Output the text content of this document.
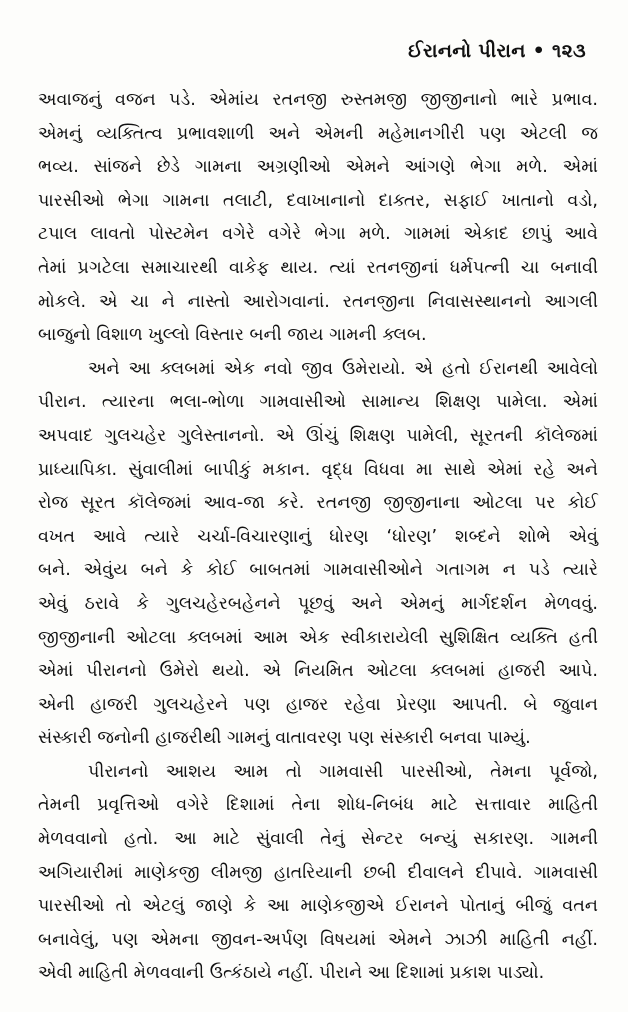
ઈરાનનો પીરાન • ૧૨૩
અવાજનું વજન પડે. એમાંય રતનજી રુસ્તમજી જીજીનાનો ભારે પ્રભાવ.
એમનું વ્યક્તિત્વ પ્રભાવશાળી અને એમની મહેમાનગીરી પણ એટલી જ
ભવ્ય. સાંજને છેડે ગામના અગ્રણીઓ એમને આંગણે ભેગા મળે. એમાં
પારસીઓ ભેગા ગામના તલાટી, દવાખાનાનો દાક્તર, સફાઈ ખાતાનો વડો,
ટપાલ લાવતો પોસ્ટમેન વગેરે વગેરે ભેગા મળે. ગામમાં એકાદ છાપું આવે
તેમાં પ્રગટેલા સમાચારથી વાકેફ થાય. ત્યાં રતનજીનાં ધર્મપત્ની ચા બનાવી
મોકલે. એ ચા ને નાસ્તો આરોગવાનાં. રતનજીના નિવાસસ્થાનનો આગલી
બાજુનો વિશાળ ખુલ્લો વિસ્તાર બની જાય ગામની ક્લબ.
અને આ ક્લબમાં એક નવો જીવ ઉમેરાયો. એ હતો ઈરાનથી આવેલો
પીરાન. ત્યારના ભલા-ભોળા ગામવાસીઓ સામાન્ય શિક્ષણ પામેલા. એમાં
અપવાદ ગુલચહેર ગુલેસ્તાનનો. એ ઊંચું શિક્ષણ પામેલી, સૂરતની કૉલેજમાં
પ્રાધ્યાપિકા. સુંવાલીમાં બાપીકું મકાન. વૃદ્ધ વિધવા મા સાથે એમાં રહે અને
રોજ સૂરત કૉલેજમાં આવ-જા કરે. રતનજી જીજીનાના ઓટલા પર કોઈ
વખત આવે ત્યારે ચર્ચા-વિચારણાનું ધોરણ ‘ધોરણ’ શબ્દને શોભે એવું
બને. એવુંય બને કે કોઈ બાબતમાં ગામવાસીઓને ગતાગમ ન પડે ત્યારે
એવું ઠરાવે કે ગુલચહેરબહેનને પૂછવું અને એમનું માર્ગદર્શન મેળવવું.
જીજીનાની ઓટલા ક્લબમાં આમ એક સ્વીકારાયેલી સુશિક્ષિત વ્યક્તિ હતી
એમાં પીરાનનો ઉમેરો થયો. એ નિયમિત ઓટલા ક્લબમાં હાજરી આપે.
એની હાજરી ગુલચહેરને પણ હાજર રહેવા પ્રેરણા આપતી. બે જુવાન
સંસ્કારી જનોની હાજરીથી ગામનું વાતાવરણ પણ સંસ્કારી બનવા પામ્યું.
પીરાનનો આશય આમ તો ગામવાસી પારસીઓ, તેમના પૂર્વજો,
તેમની પ્રવૃત્તિઓ વગેરે દિશામાં તેના શોધ-નિબંધ માટે સત્તાવાર માહિતી
મેળવવાનો હતો. આ માટે સુંવાલી તેનું સેન્ટર બન્યું સકારણ. ગામની
અગિયારીમાં માણેકજી લીમજી હાતરિયાની છબી દીવાલને દીપાવે. ગામવાસી
પારસીઓ તો એટલું જાણે કે આ માણેકજીએ ઈરાનને પોતાનું બીજું વતન
બનાવેલું, પણ એમના જીવન-અર્પણ વિષયમાં એમને ઝાઝી માહિતી નહીં.
એવી માહિતી મેળવવાની ઉત્કંઠાયે નહીં. પીરાને આ દિશામાં પ્રકાશ પાડ્યો.
